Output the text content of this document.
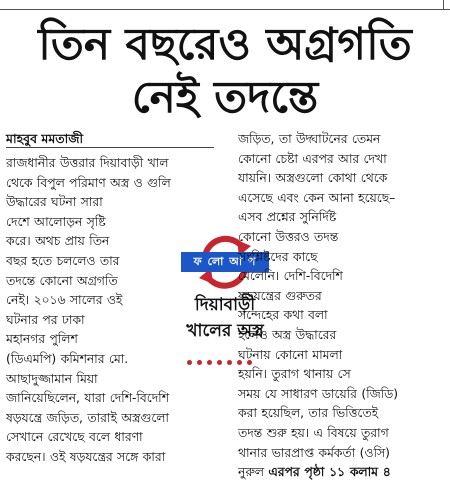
তিন বছরেও অগ্রগতি
নেই তদন্তে
মাহবুব মমতাজী
রাজধানীর উত্তরার দিয়াবাড়ী খাল
থেকে বিপুল পরিমাণ অস্ত্র ও গুলি
উদ্ধারের ঘটনা সারা
দেশে আলোড়ন সৃষ্টি
করে। অথচ প্রায় তিন
বছর হতে চললেও তার
তদন্তে কোনো অগ্রগতি
নেই। ২০১৬ সালের ওই
ঘটনার পর ঢাকা
মহানগর পুলিশ
(ডিএমপি) কমিশনার মো.
আছাদুজ্জামান মিয়া
জানিয়েছিলেন, যারা দেশি-বিদেশি
ষড়যন্ত্রে জড়িত, তারাই অস্ত্রগুলো
সেখানে রেখেছে বলে ধারণা
করছেন। ওই ষড়যন্ত্রের সঙ্গে কারা
ফ লো আ প
দিয়াবাড়ী
খালের অস্ত্র
জড়িত, তা উদ্ঘাটনের তেমন
কোনো চেষ্টা এরপর আর দেখা
যায়নি। অস্ত্রগুলো কোথা থেকে
এসেছে এবং কেন আনা হয়েছে–
এসব প্রশ্নের সুনির্দিষ্ট
কোনো উত্তরও তদন্ত
সংশ্লিষ্টদের কাছে
মেলেনি। দেশি-বিদেশি
ষড়যন্ত্রের গুরুতর
সন্দেহের কথা বলা
হলেও অস্ত্র উদ্ধারের
ঘটনায় কোনো মামলা
হয়নি। তুরাগ থানায় সে
সময় যে সাধারণ ডায়েরি (জিডি)
করা হয়েছিল, তার ভিত্তিতেই
তদন্ত শুরু হয়। এ বিষয়ে তুরাগ
থানার ভারপ্রাপ্ত কর্মকর্তা (ওসি)
নুরুল এরপর পৃষ্ঠা ১১ কলাম ৪
